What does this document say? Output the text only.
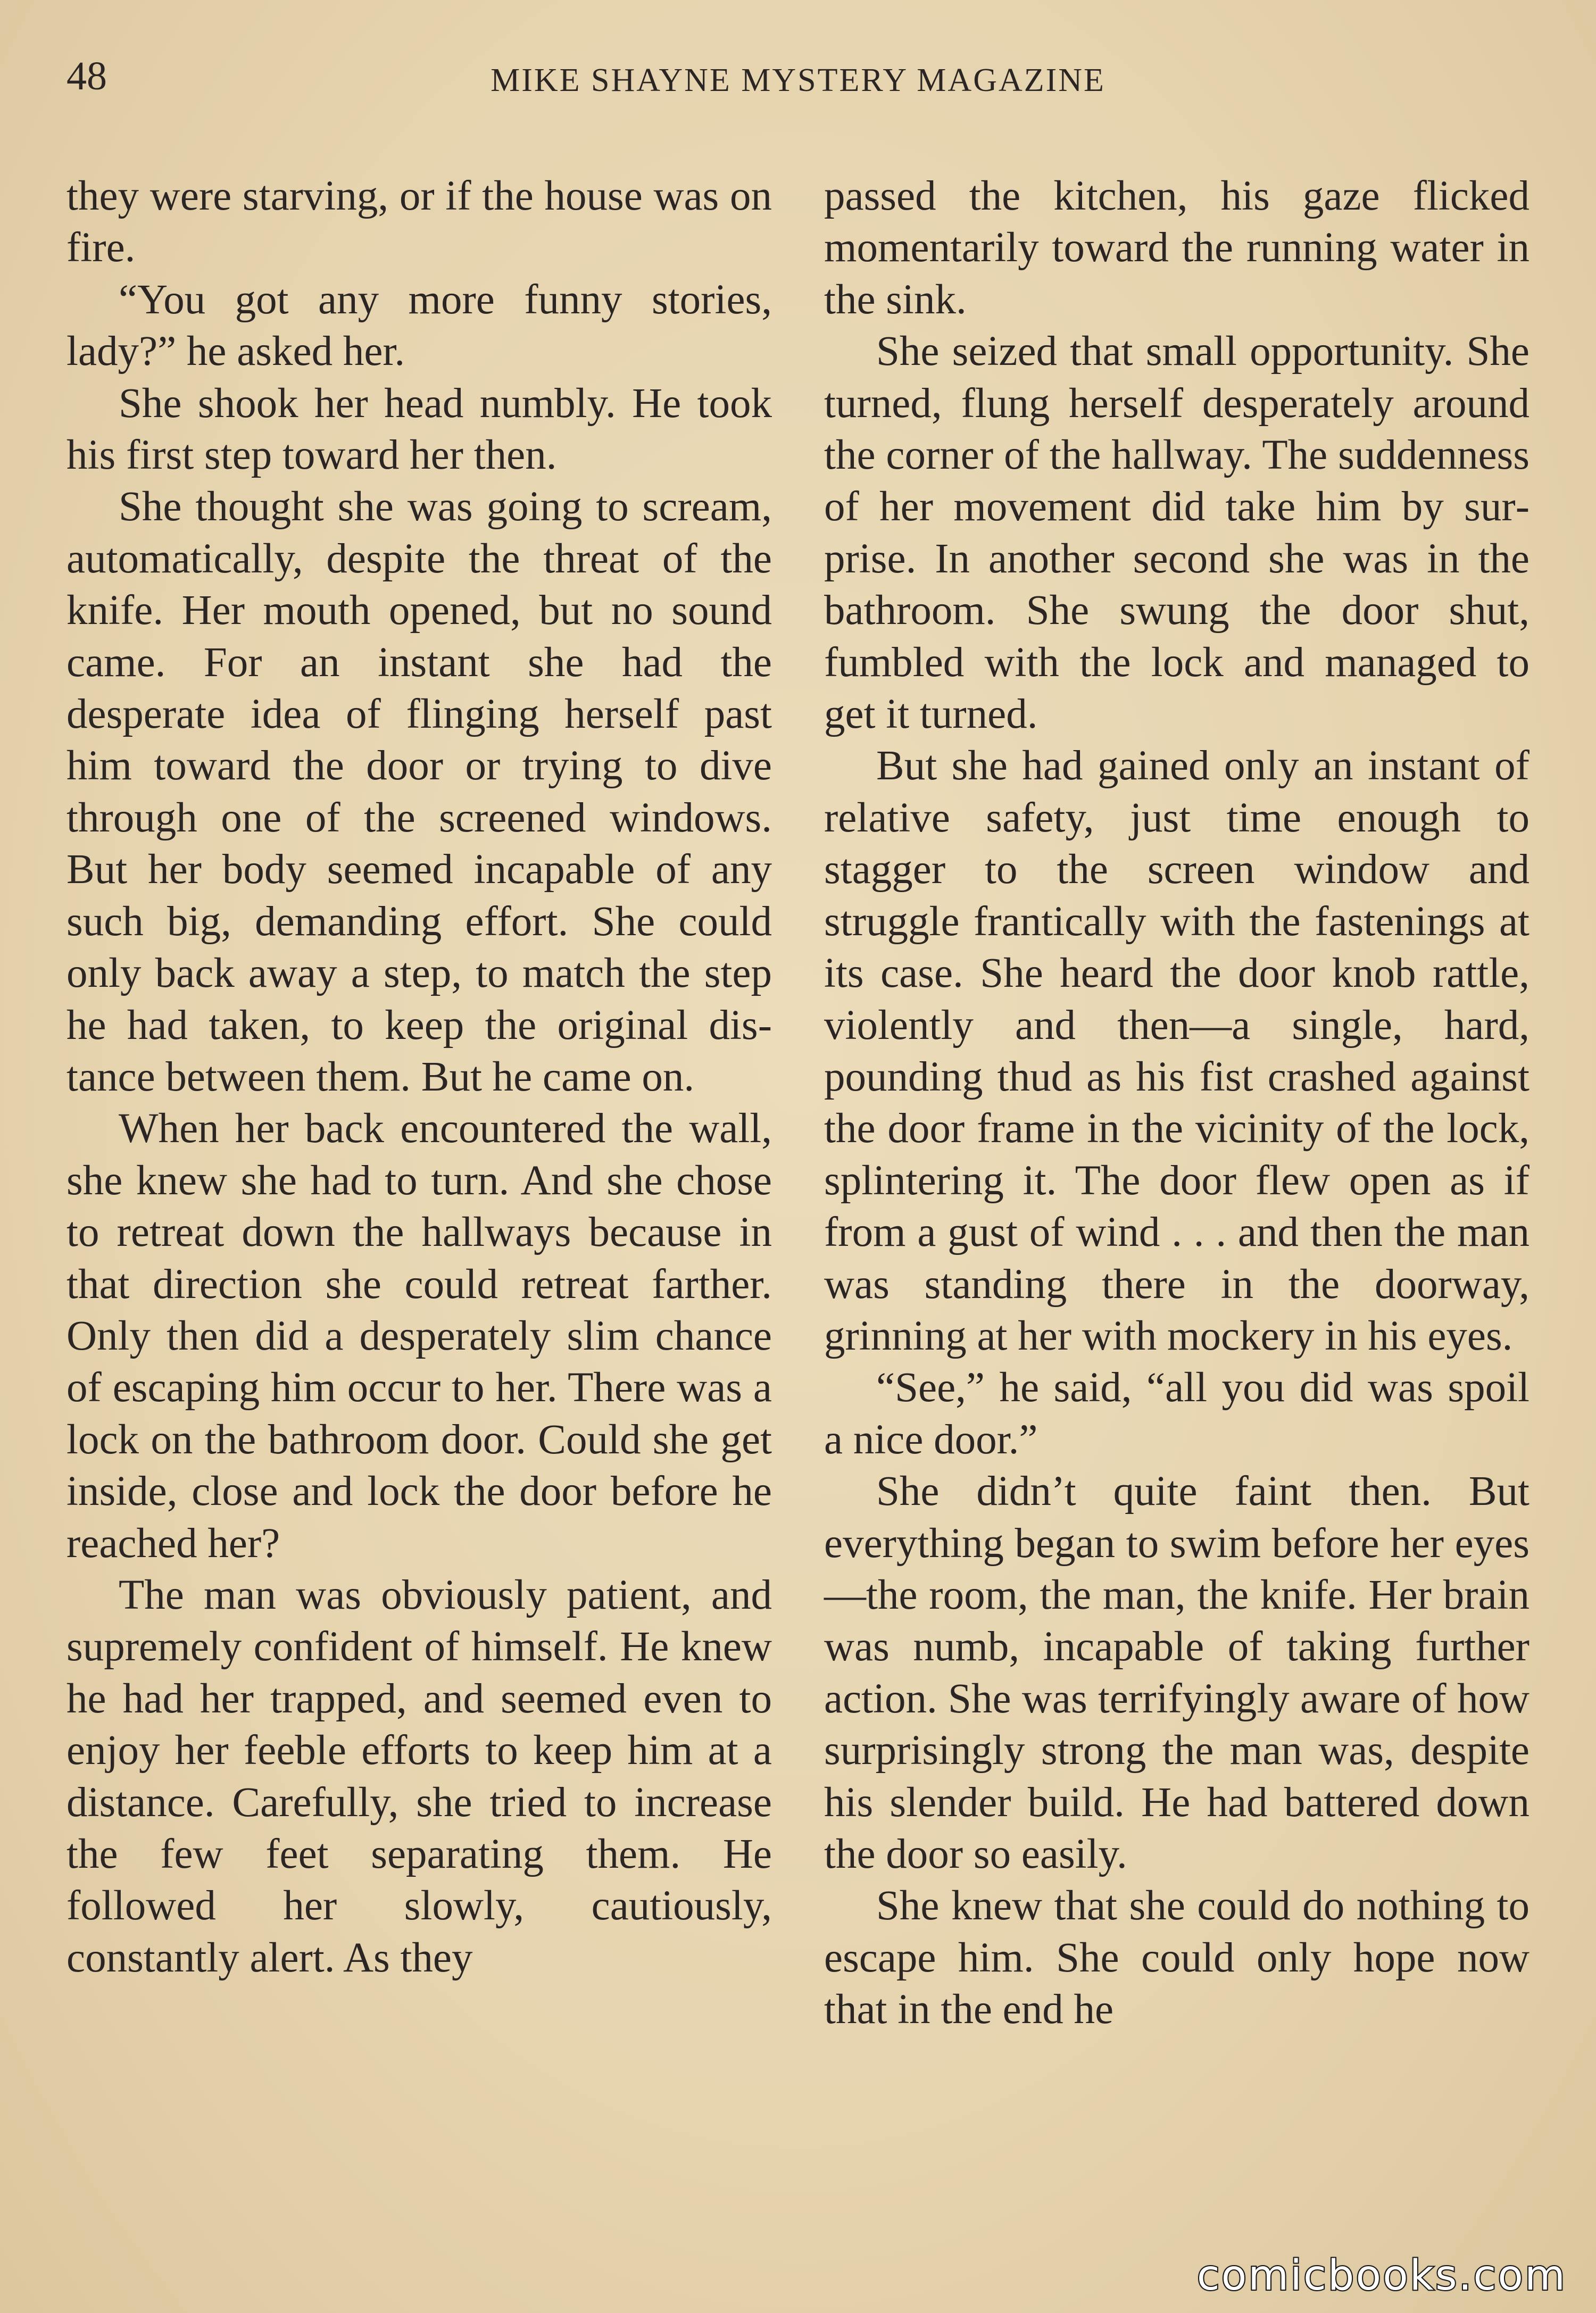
48	MIKE SHAYNE MYSTERY MAGAZINE

they were starving, or if the house was on fire.

“You got any more funny stories, lady?” he asked her.

She shook her head numbly. He took his first step toward her then.

She thought she was going to scream, automatically, despite the threat of the knife. Her mouth opened, but no sound came. For an instant she had the desperate idea of flinging herself past him toward the door or trying to dive through one of the screened windows. But her body seemed incapable of any such big, demanding effort. She could only back away a step, to match the step he had taken, to keep the original distance between them. But he came on.

When her back encountered the wall, she knew she had to turn. And she chose to retreat down the hallways because in that direction she could retreat farther. Only then did a desperately slim chance of escaping him occur to her. There was a lock on the bathroom door. Could she get inside, close and lock the door before he reached her?

The man was obviously patient, and supremely confident of himself. He knew he had her trapped, and seemed even to enjoy her feeble efforts to keep him at a distance. Carefully, she tried to increase the few feet separating them. He followed her slowly, cautiously, constantly alert. As they

passed the kitchen, his gaze flicked momentarily toward the running water in the sink.

She seized that small opportunity. She turned, flung herself desperately around the corner of the hallway. The suddenness of her movement did take him by surprise. In another second she was in the bathroom. She swung the door shut, fumbled with the lock and managed to get it turned.

But she had gained only an instant of relative safety, just time enough to stagger to the screen window and struggle frantically with the fastenings at its case. She heard the door knob rattle, violently and then—a single, hard, pounding thud as his fist crashed against the door frame in the vicinity of the lock, splintering it. The door flew open as if from a gust of wind . . . and then the man was standing there in the doorway, grinning at her with mockery in his eyes.

“See,” he said, “all you did was spoil a nice door.”

She didn’t quite faint then. But everything began to swim before her eyes—the room, the man, the knife. Her brain was numb, incapable of taking further action. She was terrifyingly aware of how surprisingly strong the man was, despite his slender build. He had battered down the door so easily.

She knew that she could do nothing to escape him. She could only hope now that in the end he

comicbooks.com
